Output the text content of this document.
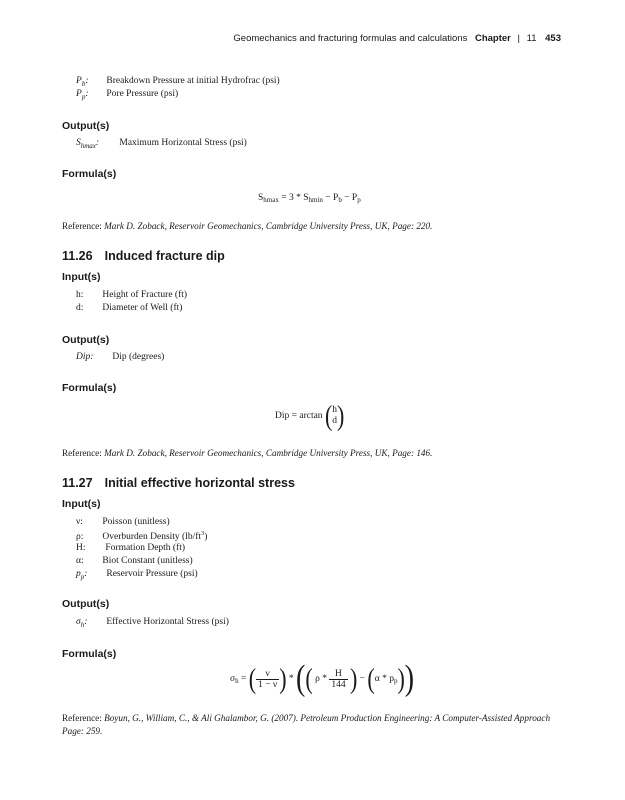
Geomechanics and fracturing formulas and calculations Chapter | 11 453
$P_b$: Breakdown Pressure at initial Hydrofrac (psi)
$P_p$: Pore Pressure (psi)
Output(s)
$S_{hmax}$: Maximum Horizontal Stress (psi)
Formula(s)
$S_{hmax} = 3 * S_{hmin} - P_b - P_p$
Reference: Mark D. Zoback, Reservoir Geomechanics, Cambridge University Press, UK, Page: 220.
11.26 Induced fracture dip
Input(s)
h: Height of Fracture (ft)
d: Diameter of Well (ft)
Output(s)
Dip: Dip (degrees)
Formula(s)
Dip = arctan ( h
d )
Reference: Mark D. Zoback, Reservoir Geomechanics, Cambridge University Press, UK, Page: 146.
11.27 Initial effective horizontal stress
Input(s)
ν: Poisson (unitless)
ρ: Overburden Density $(lb/ft^3)$
H: Formation Depth (ft)
α: Biot Constant (unitless)
$p_p$: Reservoir Pressure (psi)
Output(s)
$\sigma_h$: Effective Horizontal Stress (psi)
Formula(s)
$\sigma_h$ = ( $\frac{\nu}{1 - \nu}$ ) * (( ρ * $\frac{H}{144}$ ) − $(\alpha * p_p)$)
Reference: Boyun, G., William, C., & Ali Ghalambor, G. (2007). Petroleum Production Engineering: A Computer-Assisted Approach Page: 259.
